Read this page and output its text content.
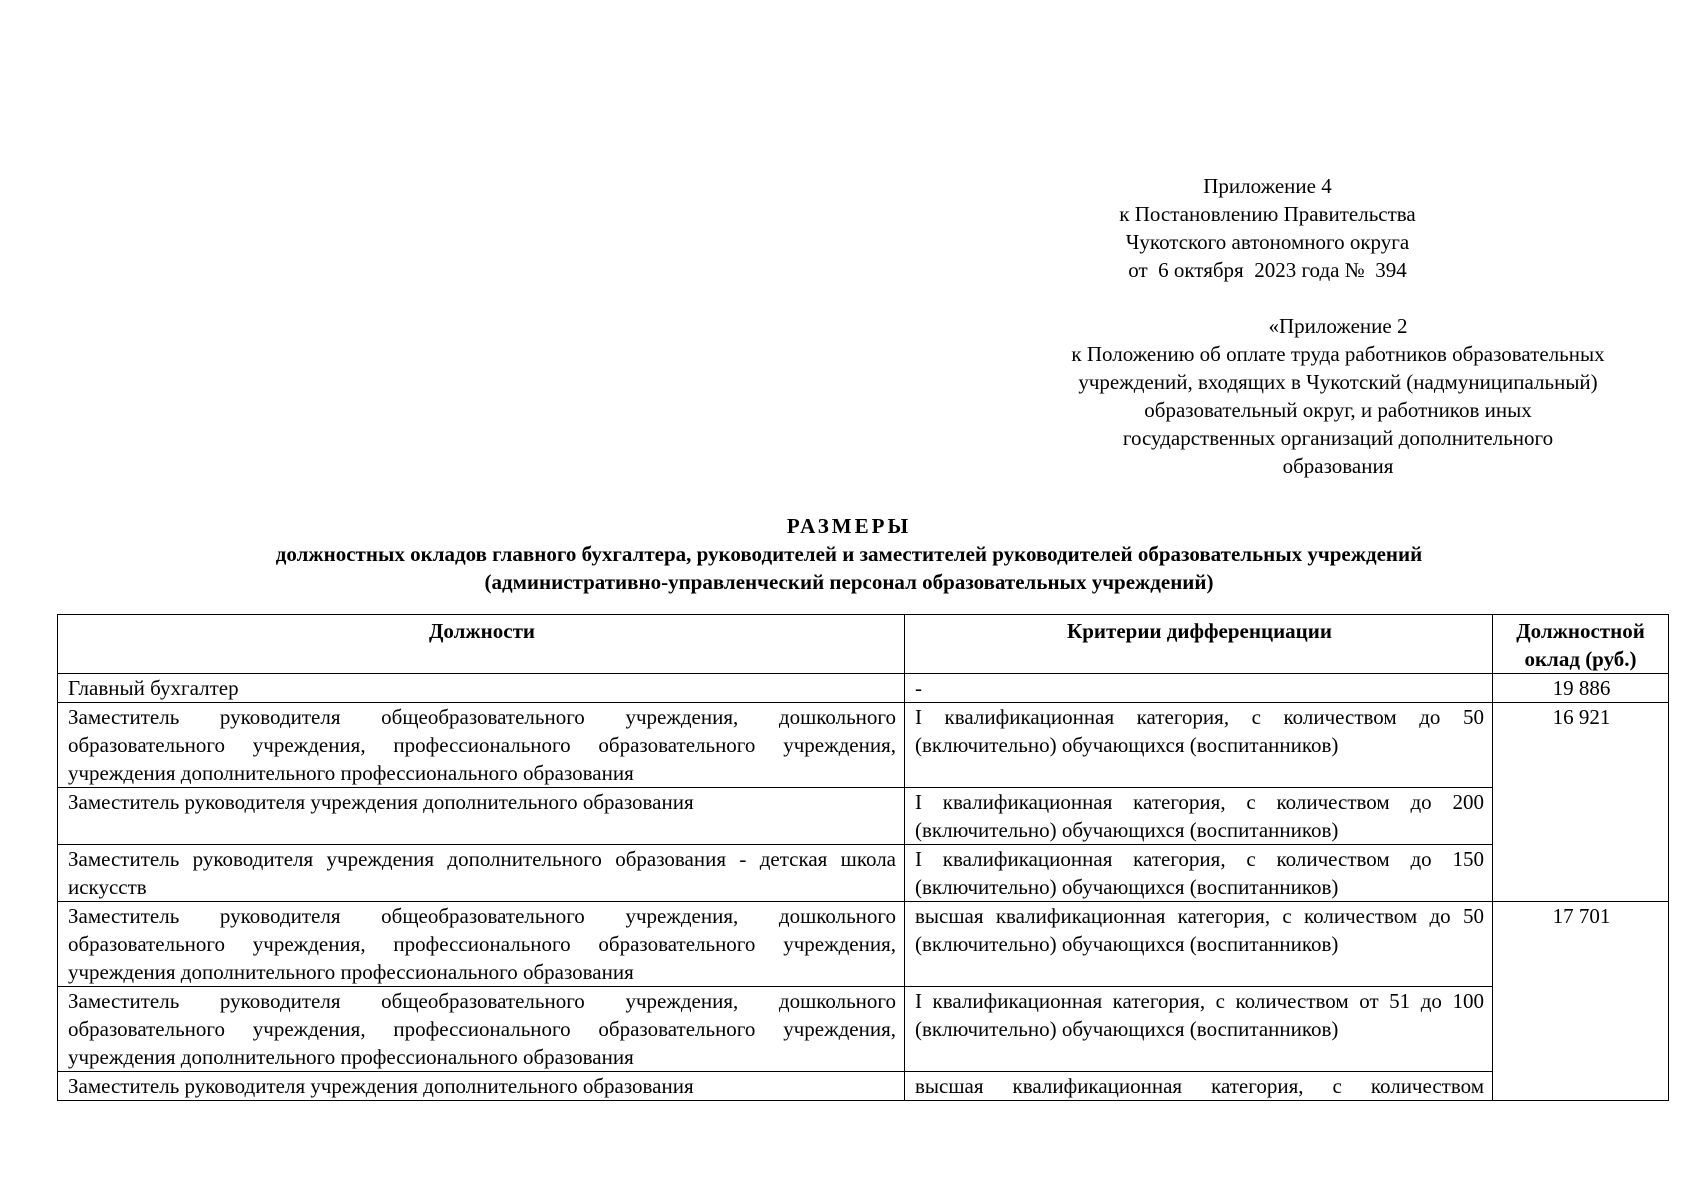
Приложение 4
к Постановлению Правительства
Чукотского автономного округа
от  6 октября  2023 года №  394
«Приложение 2
к Положению об оплате труда работников образовательных
учреждений, входящих в Чукотский (надмуниципальный)
образовательный округ, и работников иных
государственных организаций дополнительного
образования
РАЗМЕРЫ
должностных окладов главного бухгалтера, руководителей и заместителей руководителей образовательных учреждений
(административно-управленческий персонал образовательных учреждений)
Должности	Критерии дифференциации	Должностной оклад (руб.)
Главный бухгалтер	-	19 886
Заместитель руководителя общеобразовательного учреждения, дошкольного образовательного учреждения, профессионального образовательного учреждения, учреждения дополнительного профессионального образования	I квалификационная категория, с количеством до 50 (включительно) обучающихся (воспитанников)	16 921
Заместитель руководителя учреждения дополнительного образования	I квалификационная категория, с количеством до 200 (включительно) обучающихся (воспитанников)	
Заместитель руководителя учреждения дополнительного образования - детская школа искусств	I квалификационная категория, с количеством до 150 (включительно) обучающихся (воспитанников)	
Заместитель руководителя общеобразовательного учреждения, дошкольного образовательного учреждения, профессионального образовательного учреждения, учреждения дополнительного профессионального образования	высшая квалификационная категория, с количеством до 50 (включительно) обучающихся (воспитанников)	17 701
Заместитель руководителя общеобразовательного учреждения, дошкольного образовательного учреждения, профессионального образовательного учреждения, учреждения дополнительного профессионального образования	I квалификационная категория, с количеством от 51 до 100 (включительно) обучающихся (воспитанников)	
Заместитель руководителя учреждения дополнительного образования	высшая квалификационная категория, с количеством	
